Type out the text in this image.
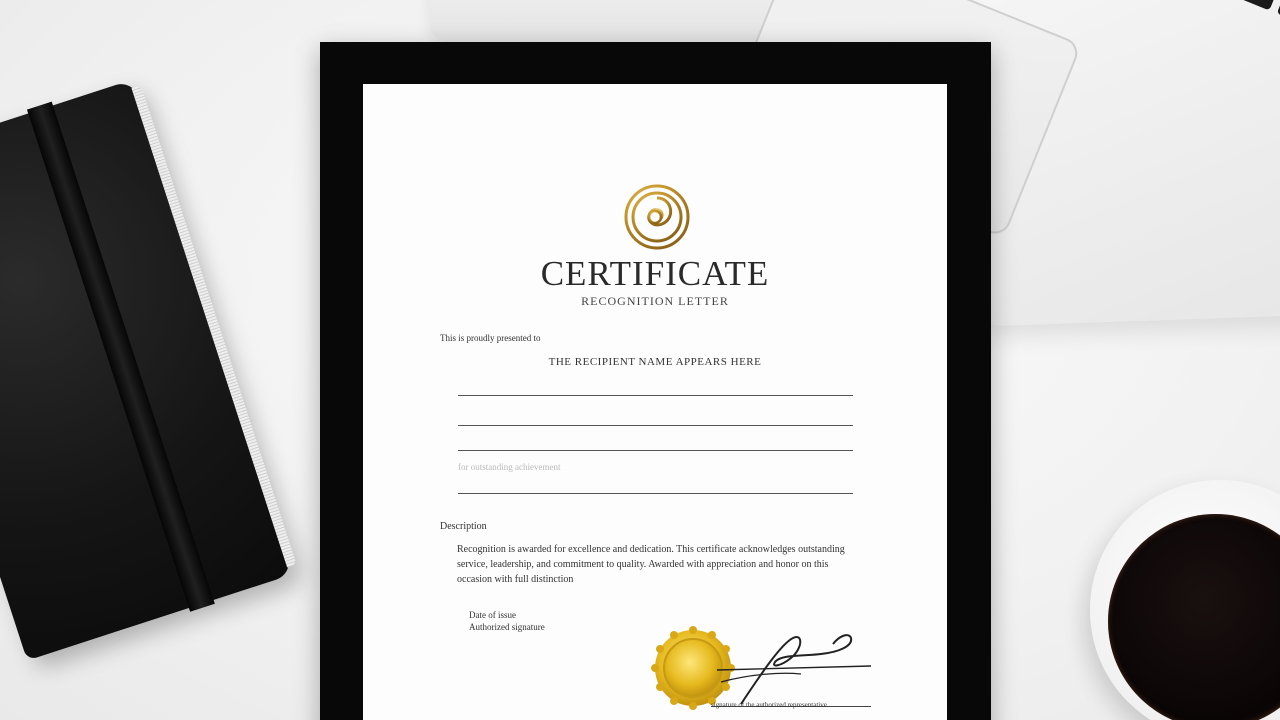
CERTIFICATE
RECOGNITION LETTER
This is proudly presented to
THE RECIPIENT NAME APPEARS HERE
for outstanding achievement
Description
Recognition is awarded for excellence and dedication. This certificate acknowledges outstanding
service, leadership, and commitment to quality. Awarded with appreciation and honor on this
occasion with full distinction
Date of issue
Authorized signature
signature of the authorized representative
